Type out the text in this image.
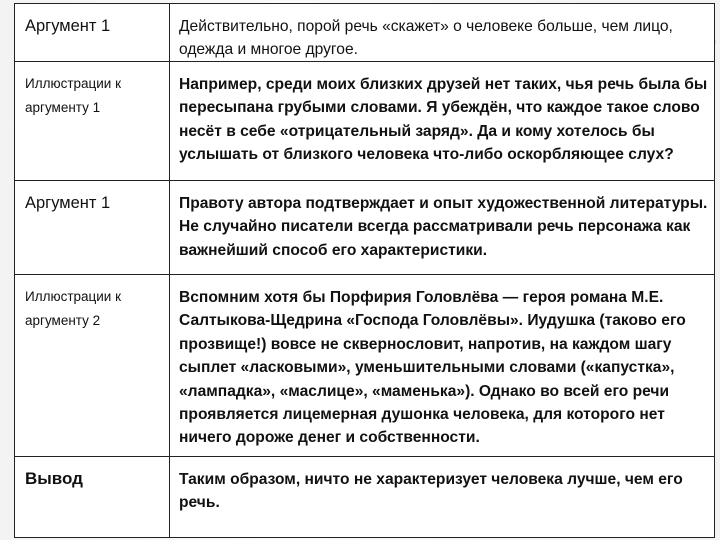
Аргумент 1	Действительно, порой речь «скажет» о человеке больше, чем лицо, одежда и многое другое.
Иллюстрации к аргументу 1	Например, среди моих близких друзей нет таких, чья речь была бы пересыпана грубыми словами. Я убеждён, что каждое такое слово несёт в себе «отрицательный заряд». Да и кому хотелось бы услышать от близкого человека что-либо оскорбляющее слух?
Аргумент 1	Правоту автора подтверждает и опыт художественной литературы. Не случайно писатели всегда рассматривали речь персонажа как важнейший способ его характеристики.
Иллюстрации к аргументу 2	Вспомним хотя бы Порфирия Головлёва — героя романа М.Е. Салтыкова-Щедрина «Господа Головлёвы». Иудушка (таково его прозвище!) вовсе не сквернословит, напротив, на каждом шагу сыплет «ласковыми», уменьшительными словами («капустка», «лампадка», «маслице», «маменька»). Однако во всей его речи проявляется лицемерная душонка человека, для которого нет ничего дороже денег и собственности.
Вывод	Таким образом, ничто не характеризует человека лучше, чем его речь.
